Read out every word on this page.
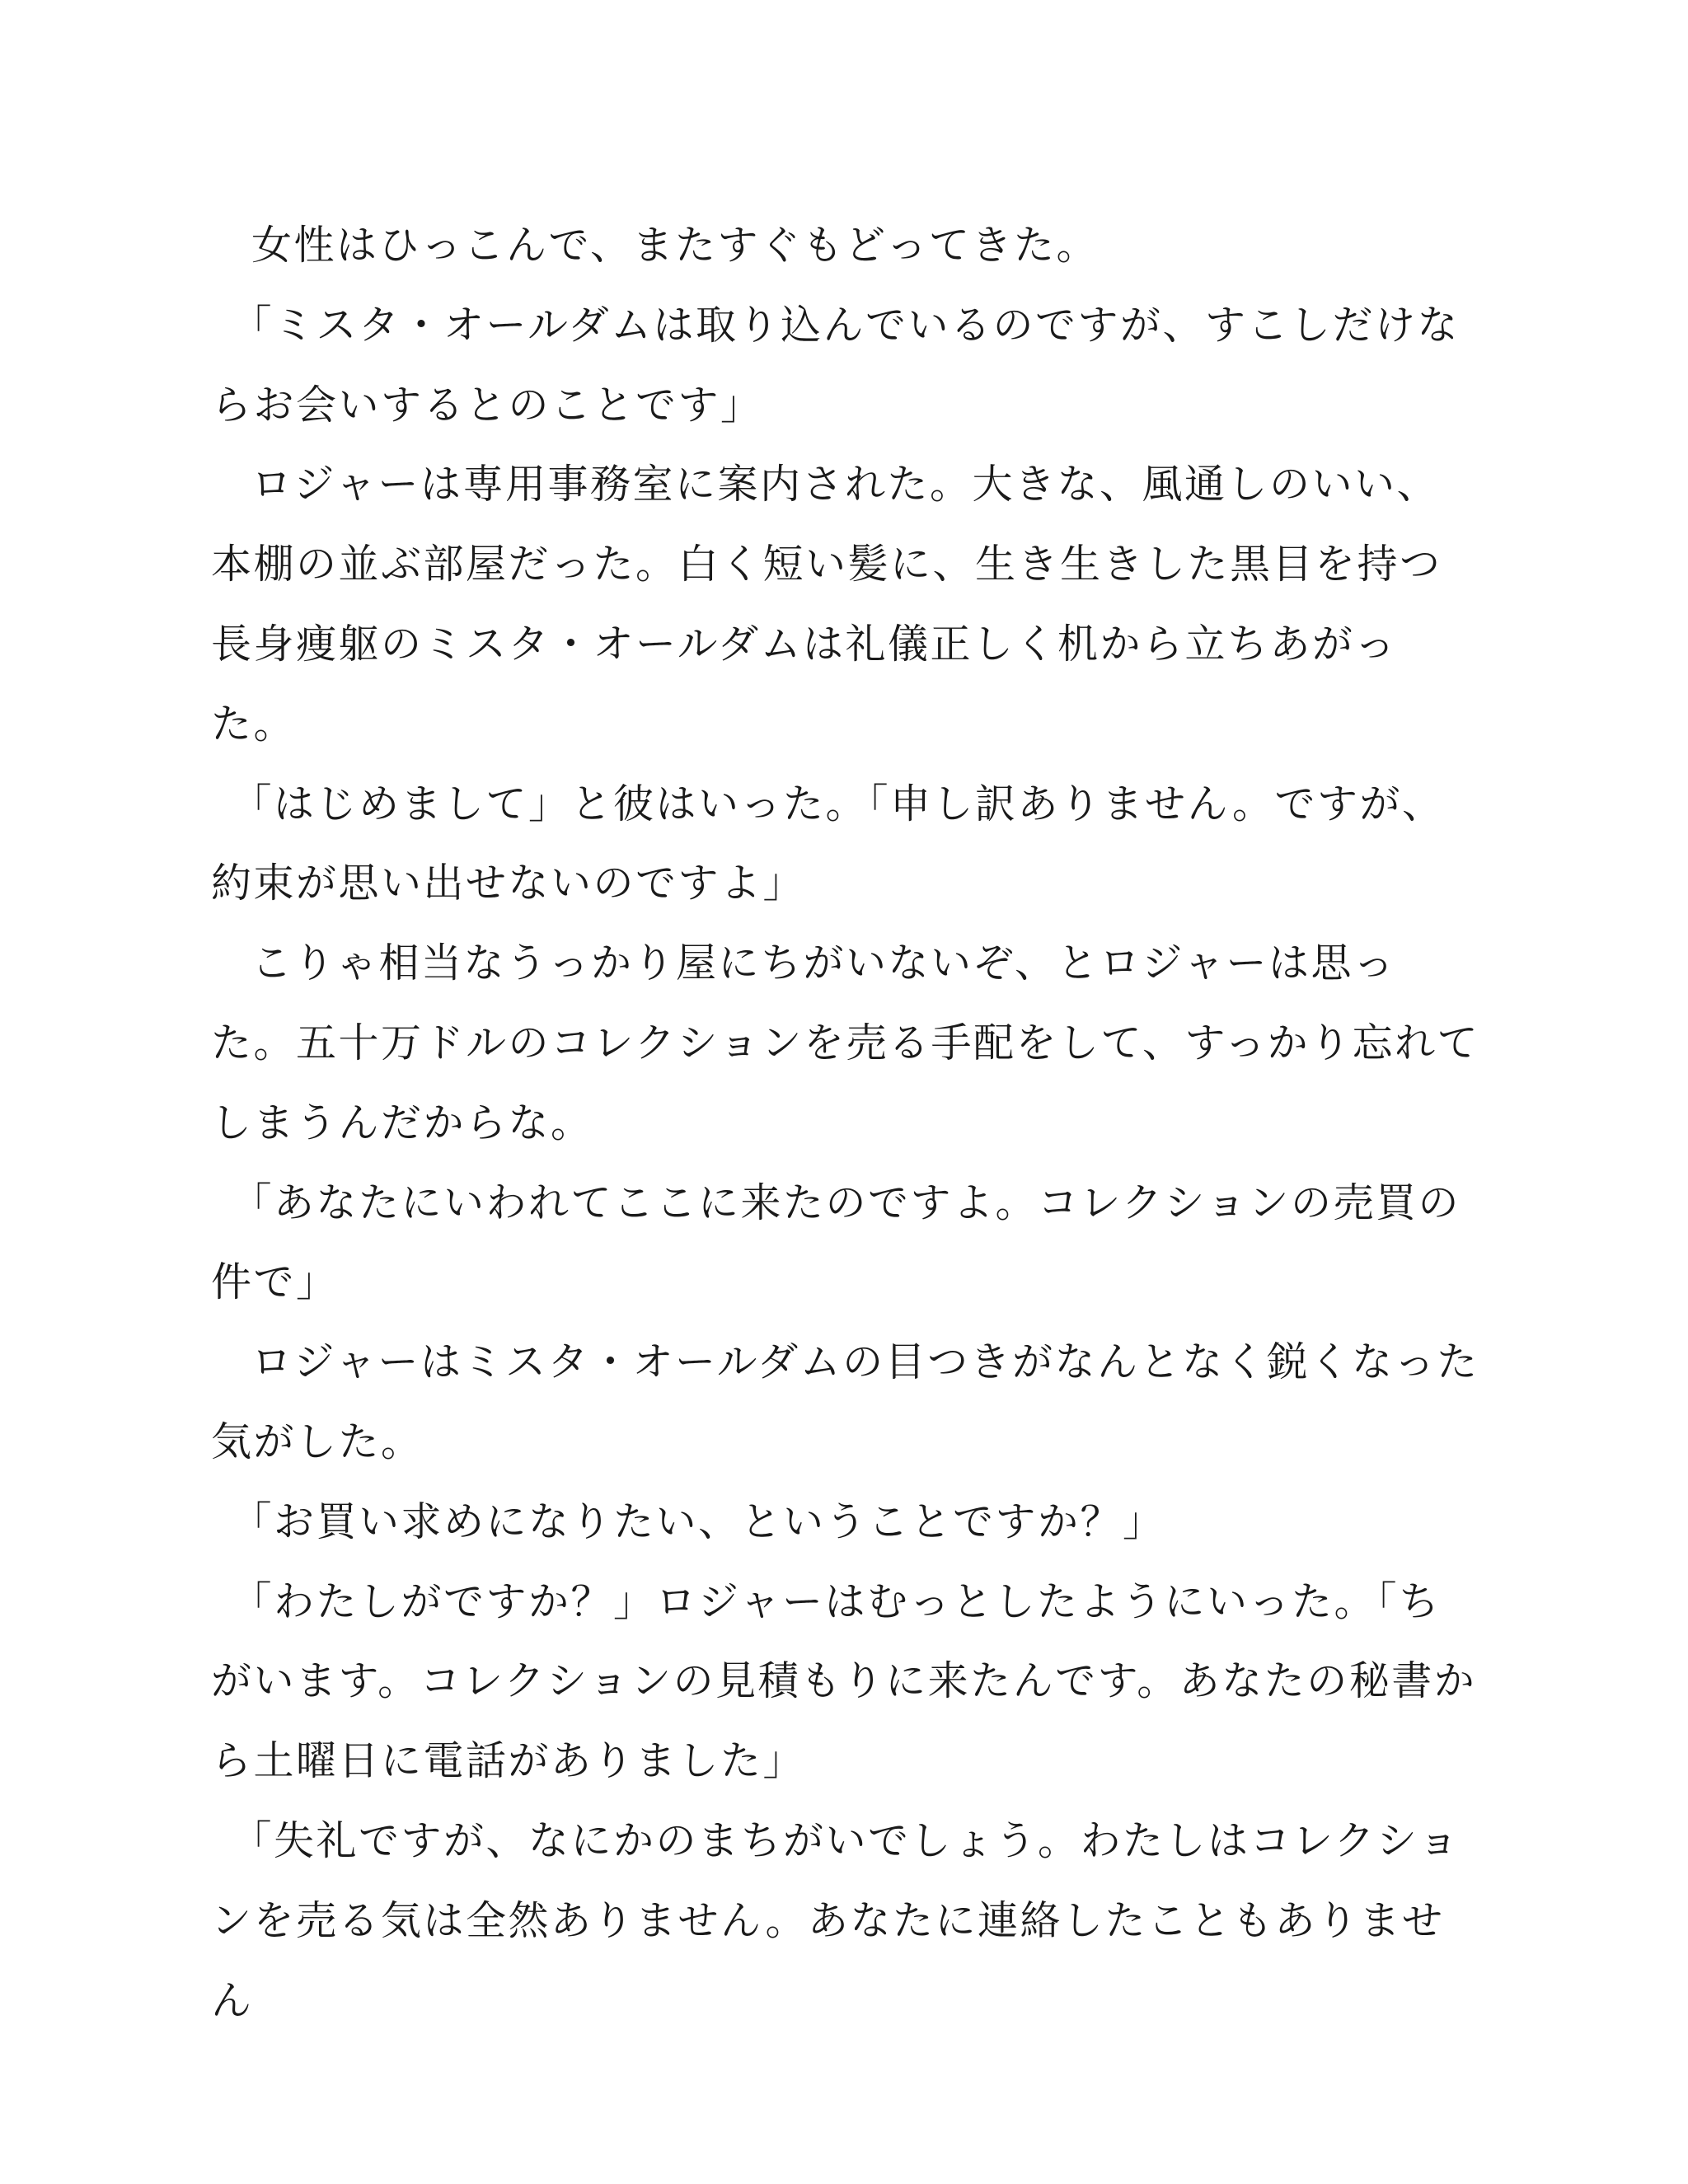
女性はひっこんで、またすぐもどってきた。

「ミスタ・オールダムは取り込んでいるのですが、すこしだけならお会いするとのことです」

ロジャーは専用事務室に案内された。大きな、風通しのいい、本棚の並ぶ部屋だった。白く短い髪に、生き生きした黒目を持つ長身痩躯のミスタ・オールダムは礼儀正しく机から立ちあがった。

「はじめまして」と彼はいった。「申し訳ありません。ですが、約束が思い出せないのですよ」

こりゃ相当なうっかり屋にちがいないぞ、とロジャーは思った。五十万ドルのコレクションを売る手配をして、すっかり忘れてしまうんだからな。

「あなたにいわれてここに来たのですよ。コレクションの売買の件で」

ロジャーはミスタ・オールダムの目つきがなんとなく鋭くなった気がした。

「お買い求めになりたい、ということですか？」

「わたしがですか？」ロジャーはむっとしたようにいった。「ちがいます。コレクションの見積もりに来たんです。あなたの秘書から土曜日に電話がありました」

「失礼ですが、なにかのまちがいでしょう。わたしはコレクションを売る気は全然ありません。あなたに連絡したこともありません
